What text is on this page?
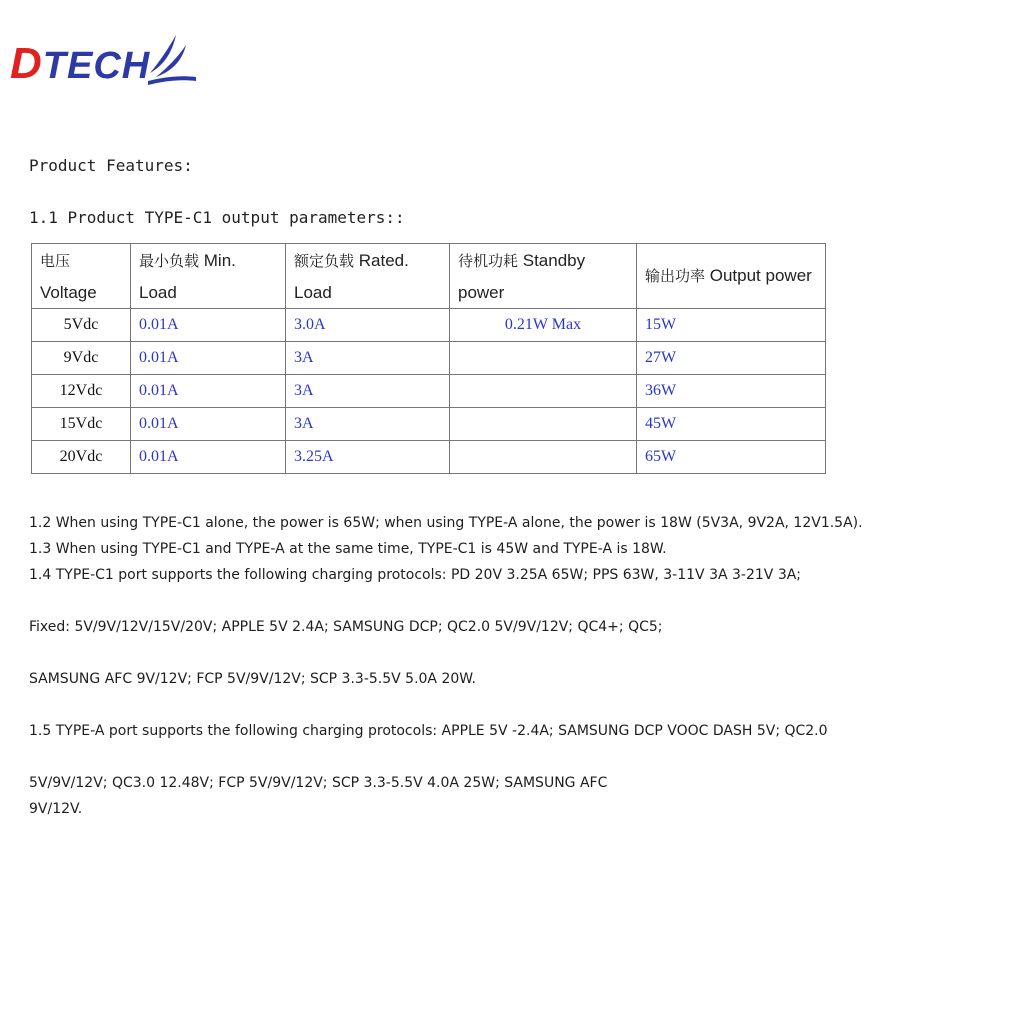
DTECH
Product Features:
1.1 Product TYPE-C1 output parameters::
电压
Voltage	最小负载 Min. Load	额定负载 Rated. Load	待机功耗 Standby power	输出功率 Output power
5Vdc	0.01A	3.0A	0.21W Max	15W
9Vdc	0.01A	3A		27W
12Vdc	0.01A	3A		36W
15Vdc	0.01A	3A		45W
20Vdc	0.01A	3.25A		65W

1.2 When using TYPE-C1 alone, the power is 65W; when using TYPE-A alone, the power is 18W (5V3A, 9V2A, 12V1.5A).

1.3 When using TYPE-C1 and TYPE-A at the same time, TYPE-C1 is 45W and TYPE-A is 18W.

1.4 TYPE-C1 port supports the following charging protocols: PD 20V 3.25A 65W; PPS 63W, 3-11V 3A 3-21V 3A;

Fixed: 5V/9V/12V/15V/20V; APPLE 5V 2.4A; SAMSUNG DCP; QC2.0 5V/9V/12V; QC4+; QC5;

SAMSUNG AFC 9V/12V; FCP 5V/9V/12V; SCP 3.3-5.5V 5.0A 20W.

1.5 TYPE-A port supports the following charging protocols: APPLE 5V -2.4A; SAMSUNG DCP VOOC DASH 5V; QC2.0

5V/9V/12V; QC3.0 12.48V; FCP 5V/9V/12V; SCP 3.3-5.5V 4.0A 25W; SAMSUNG AFC

9V/12V.
